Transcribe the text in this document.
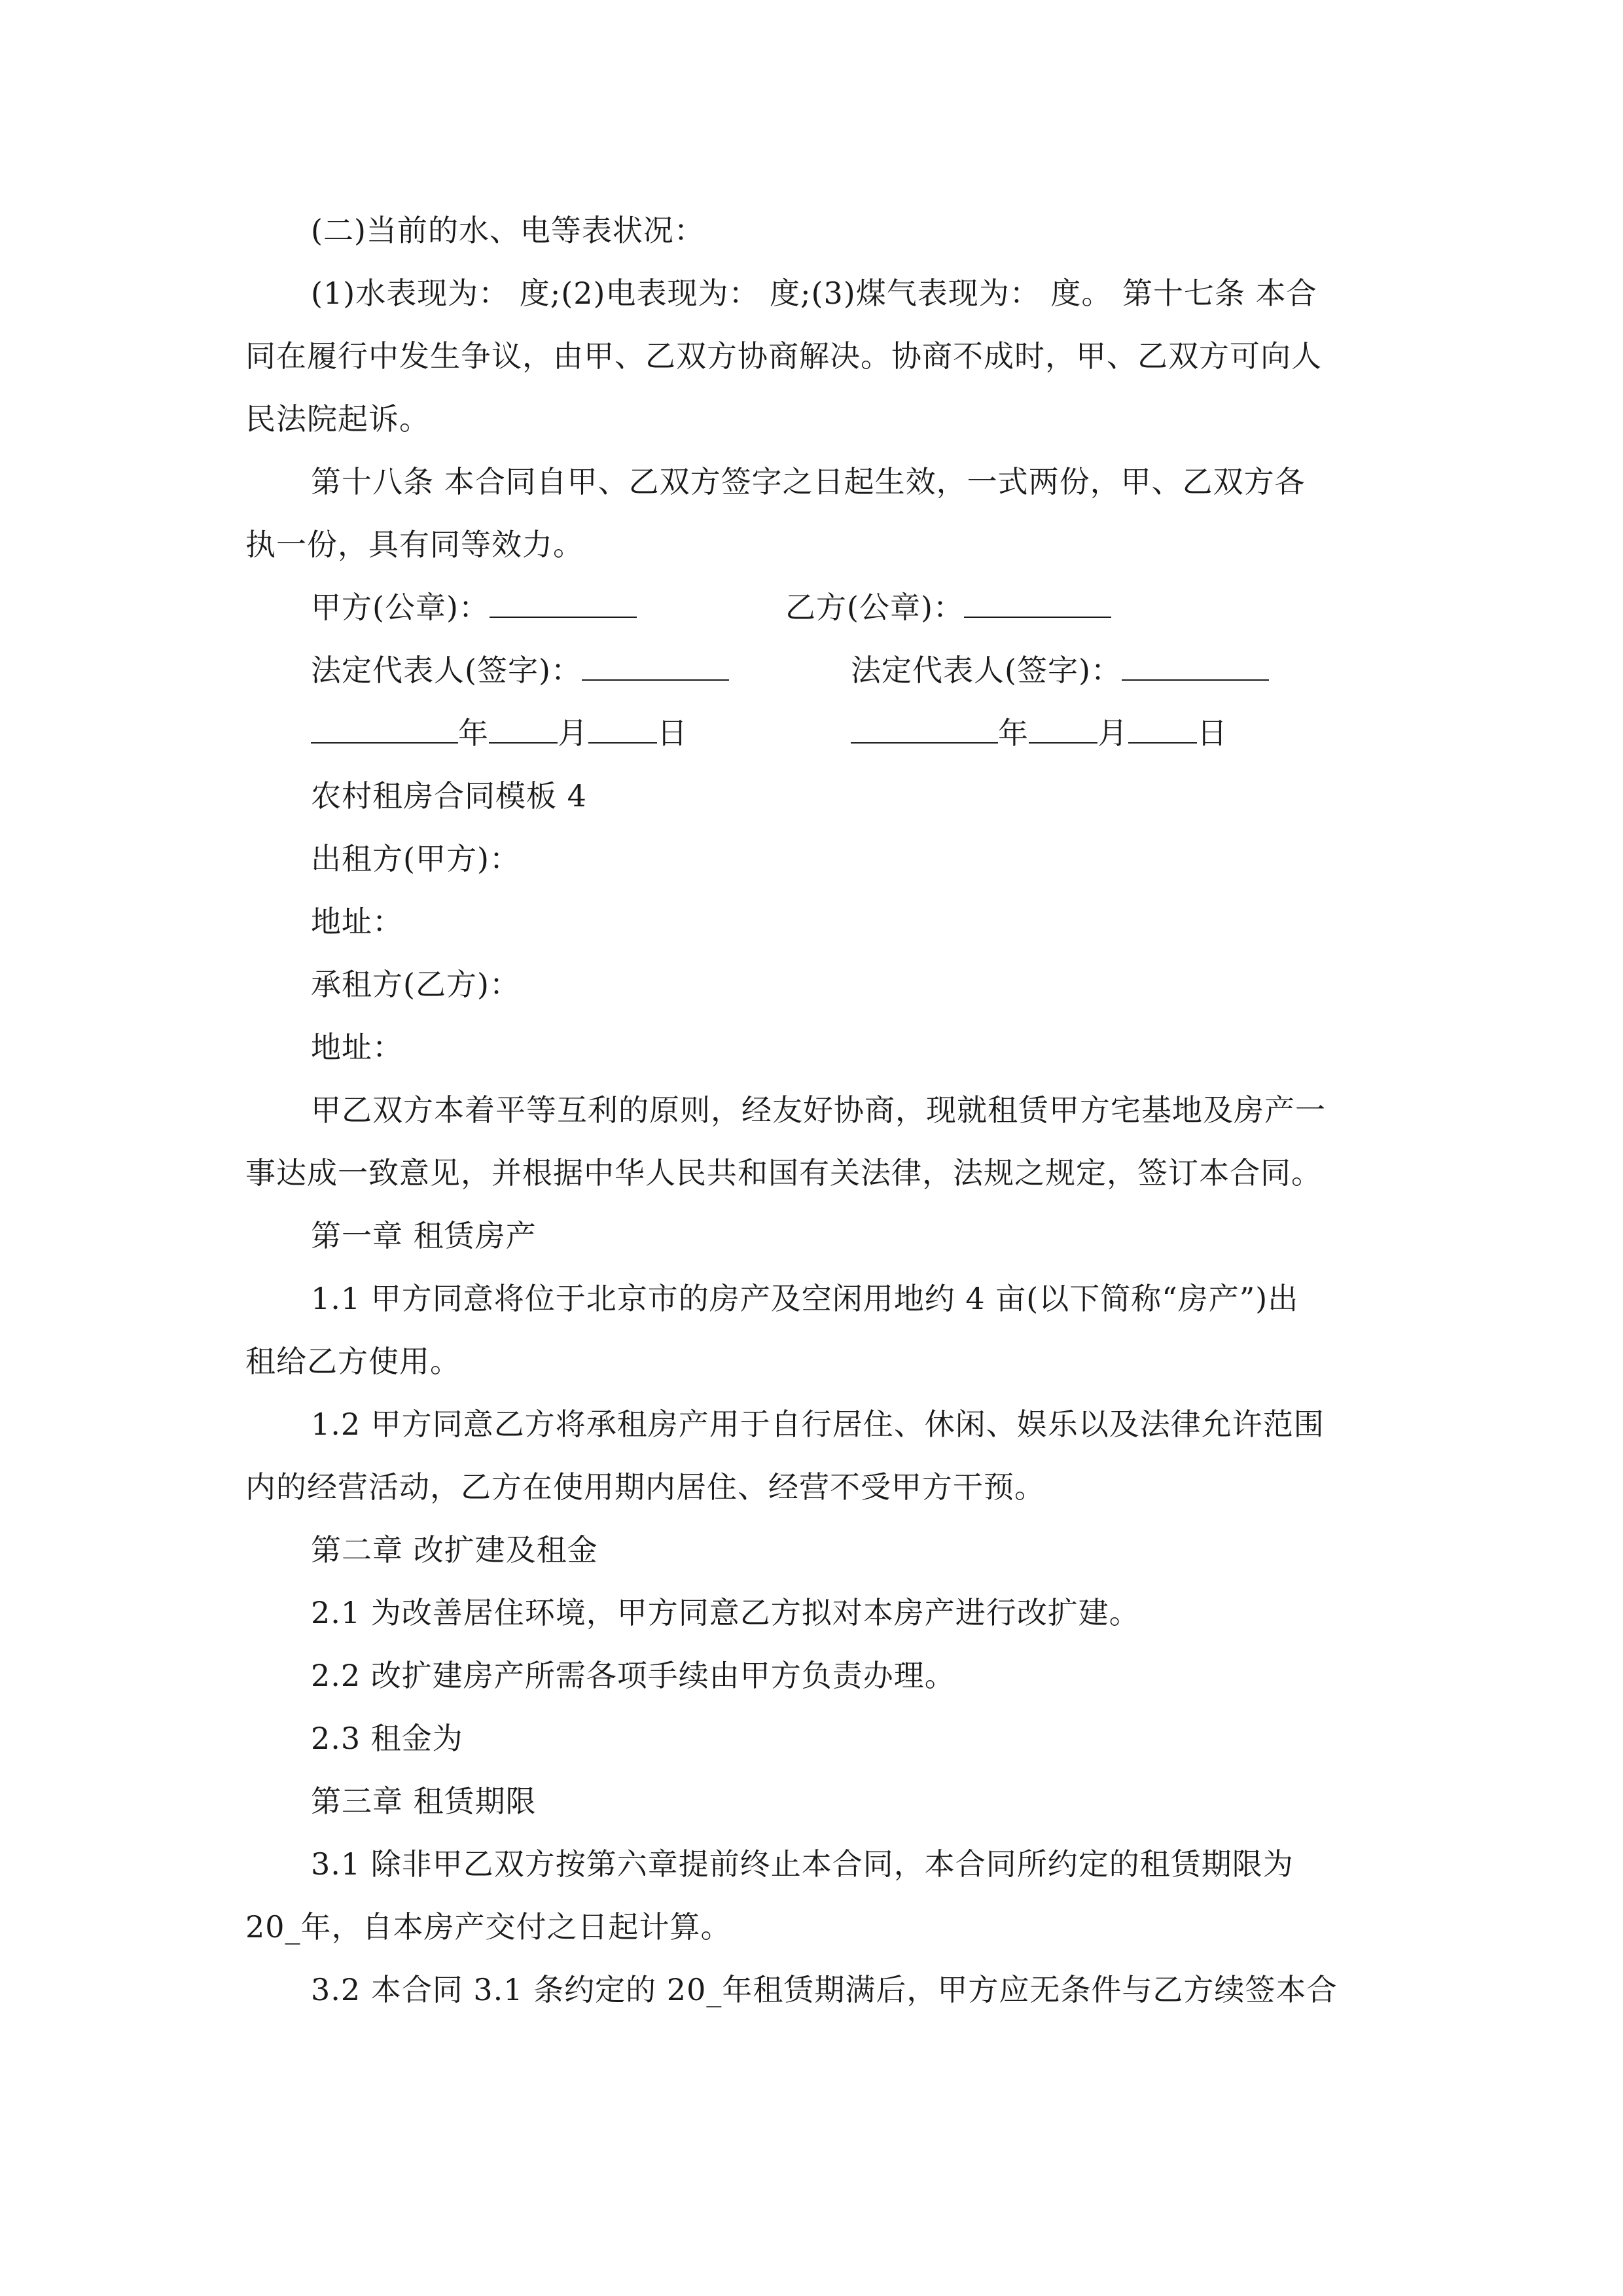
(二)当前的水、电等表状况：
(1)水表现为： 度;(2)电表现为： 度;(3)煤气表现为： 度。 第十七条 本合
同在履行中发生争议，由甲、乙双方协商解决。协商不成时，甲、乙双方可向人
民法院起诉。
第十八条 本合同自甲、乙双方签字之日起生效，一式两份，甲、乙双方各
执一份，具有同等效力。
甲方(公章)：	乙方(公章)：
法定代表人(签字)：	法定代表人(签字)：
年 月 日	年 月 日
农村租房合同模板 4
出租方(甲方)：
地址：
承租方(乙方)：
地址：
甲乙双方本着平等互利的原则，经友好协商，现就租赁甲方宅基地及房产一
事达成一致意见，并根据中华人民共和国有关法律，法规之规定，签订本合同。
第一章 租赁房产
1.1 甲方同意将位于北京市的房产及空闲用地约 4 亩(以下简称“房产”)出
租给乙方使用。
1.2 甲方同意乙方将承租房产用于自行居住、休闲、娱乐以及法律允许范围
内的经营活动，乙方在使用期内居住、经营不受甲方干预。
第二章 改扩建及租金
2.1 为改善居住环境，甲方同意乙方拟对本房产进行改扩建。
2.2 改扩建房产所需各项手续由甲方负责办理。
2.3 租金为
第三章 租赁期限
3.1 除非甲乙双方按第六章提前终止本合同，本合同所约定的租赁期限为
20_年，自本房产交付之日起计算。
3.2 本合同 3.1 条约定的 20_年租赁期满后，甲方应无条件与乙方续签本合
